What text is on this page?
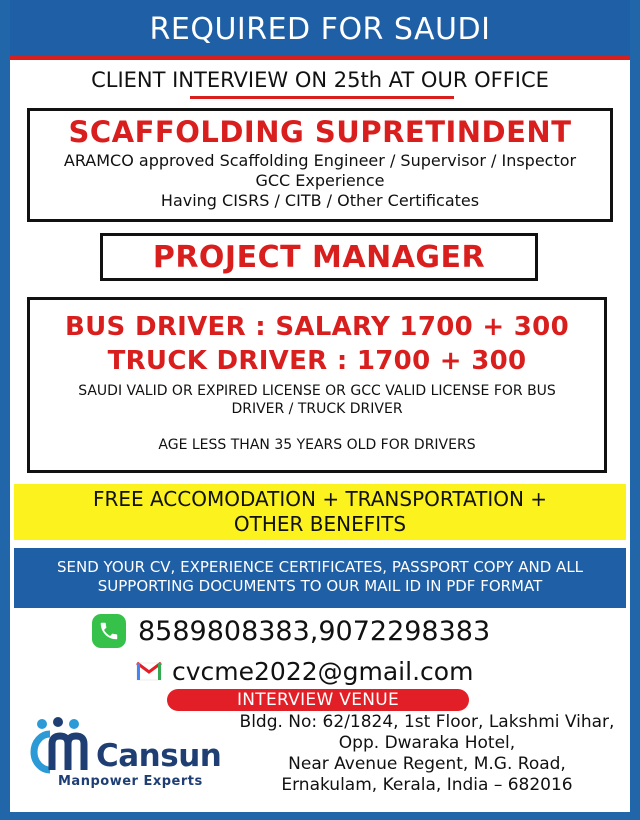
REQUIRED FOR SAUDI
CLIENT INTERVIEW ON 25th AT OUR OFFICE
SCAFFOLDING SUPRETINDENT
ARAMCO approved Scaffolding Engineer / Supervisor / Inspector
GCC Experience
Having CISRS / CITB / Other Certificates
PROJECT MANAGER
BUS DRIVER : SALARY 1700 + 300
TRUCK DRIVER : 1700 + 300
SAUDI VALID OR EXPIRED LICENSE OR GCC VALID LICENSE FOR BUS
DRIVER / TRUCK DRIVER
AGE LESS THAN 35 YEARS OLD FOR DRIVERS
FREE ACCOMODATION + TRANSPORTATION +
OTHER BENEFITS
SEND YOUR CV, EXPERIENCE CERTIFICATES, PASSPORT COPY AND ALL
SUPPORTING DOCUMENTS TO OUR MAIL ID IN PDF FORMAT
8589808383,9072298383
cvcme2022@gmail.com
INTERVIEW VENUE
Bldg. No: 62/1824, 1st Floor, Lakshmi Vihar,
Opp. Dwaraka Hotel,
Near Avenue Regent, M.G. Road,
Ernakulam, Kerala, India – 682016
Cansun
Manpower Experts
